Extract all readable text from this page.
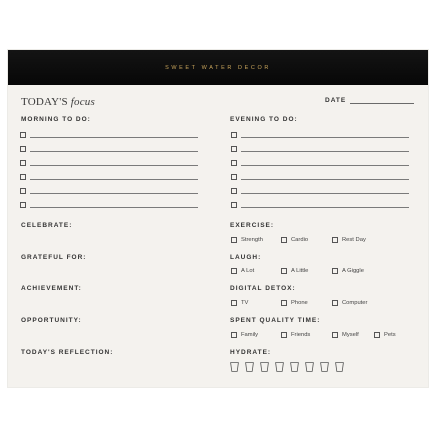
SWEET WATER DECOR
TODAY'S focus	DATE
MORNING TO DO:	EVENING TO DO:
CELEBRATE:
GRATEFUL FOR:
ACHIEVEMENT:
OPPORTUNITY:
TODAY'S REFLECTION:
EXERCISE:
Strength	Cardio	Rest Day
LAUGH:
A Lot	A Little	A Giggle
DIGITAL DETOX:
TV	Phone	Computer
SPENT QUALITY TIME:
Family	Friends	Myself	Pets
HYDRATE:
